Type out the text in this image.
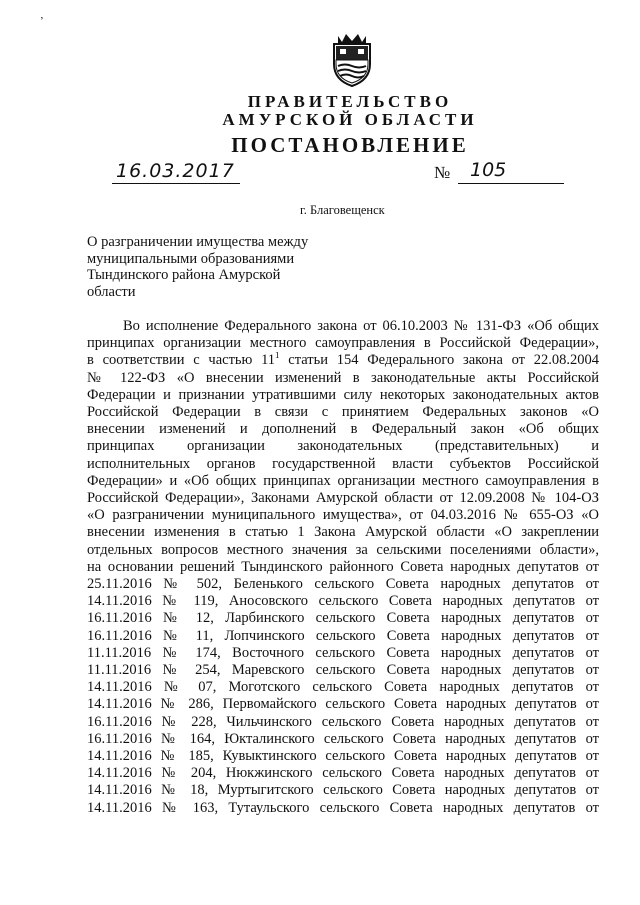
’
ПРАВИТЕЛЬСТВО
АМУРСКОЙ ОБЛАСТИ
ПОСТАНОВЛЕНИЕ
16.03.2017	№ 105
г. Благовещенск
О разграничении имущества между
муниципальными образованиями
Тындинского района Амурской
области
Во исполнение Федерального закона от 06.10.2003 № 131-ФЗ «Об общих
принципах организации местного самоуправления в Российской Федерации»,
в соответствии с частью $11^1$ статьи 154 Федерального закона от 22.08.2004
№ 122-ФЗ «О внесении изменений в законодательные акты Российской
Федерации и признании утратившими силу некоторых законодательных актов
Российской Федерации в связи с принятием Федеральных законов «О
внесении изменений и дополнений в Федеральный закон «Об общих
принципах организации законодательных (представительных) и
исполнительных органов государственной власти субъектов Российской
Федерации» и «Об общих принципах организации местного самоуправления в
Российской Федерации», Законами Амурской области от 12.09.2008 № 104-ОЗ
«О разграничении муниципального имущества», от 04.03.2016 № 655-ОЗ «О
внесении изменения в статью 1 Закона Амурской области «О закреплении
отдельных вопросов местного значения за сельскими поселениями области»,
на основании решений Тындинского районного Совета народных депутатов от
25.11.2016 № 502, Беленького сельского Совета народных депутатов от
14.11.2016 № 119, Аносовского сельского Совета народных депутатов от
16.11.2016 № 12, Ларбинского сельского Совета народных депутатов от
16.11.2016 № 11, Лопчинского сельского Совета народных депутатов от
11.11.2016 № 174, Восточного сельского Совета народных депутатов от
11.11.2016 № 254, Маревского сельского Совета народных депутатов от
14.11.2016 № 07, Моготского сельского Совета народных депутатов от
14.11.2016 № 286, Первомайского сельского Совета народных депутатов от
16.11.2016 № 228, Чильчинского сельского Совета народных депутатов от
16.11.2016 № 164, Юкталинского сельского Совета народных депутатов от
14.11.2016 № 185, Кувыктинского сельского Совета народных депутатов от
14.11.2016 № 204, Нюкжинского сельского Совета народных депутатов от
14.11.2016 № 18, Муртыгитского сельского Совета народных депутатов от
14.11.2016 № 163, Тутаульского сельского Совета народных депутатов от
